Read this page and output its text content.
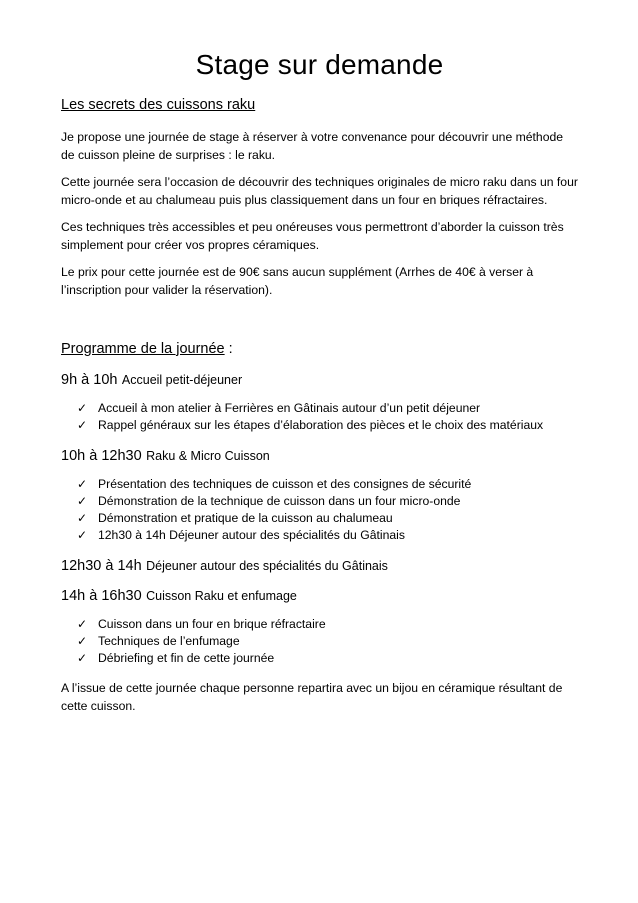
Stage sur demande
Les secrets des cuissons raku

Je propose une journée de stage à réserver à votre convenance pour découvrir une méthode de cuisson pleine de surprises : le raku.

Cette journée sera l’occasion de découvrir des techniques originales de micro raku dans un four micro-onde et au chalumeau puis plus classiquement dans un four en briques réfractaires.

Ces techniques très accessibles et peu onéreuses vous permettront d’aborder la cuisson très simplement pour créer vos propres céramiques.

Le prix pour cette journée est de 90€ sans aucun supplément (Arrhes de 40€ à verser à l’inscription pour valider la réservation).

Programme de la journée :
9h à 10h Accueil petit-déjeuner
✓ Accueil à mon atelier à Ferrières en Gâtinais autour d’un petit déjeuner
✓ Rappel généraux sur les étapes d’élaboration des pièces et le choix des matériaux
10h à 12h30 Raku & Micro Cuisson
✓ Présentation des techniques de cuisson et des consignes de sécurité
✓ Démonstration de la technique de cuisson dans un four micro-onde
✓ Démonstration et pratique de la cuisson au chalumeau
✓ 12h30 à 14h Déjeuner autour des spécialités du Gâtinais
12h30 à 14h Déjeuner autour des spécialités du Gâtinais
14h à 16h30 Cuisson Raku et enfumage
✓ Cuisson dans un four en brique réfractaire
✓ Techniques de l’enfumage
✓ Débriefing et fin de cette journée

A l’issue de cette journée chaque personne repartira avec un bijou en céramique résultant de cette cuisson.
